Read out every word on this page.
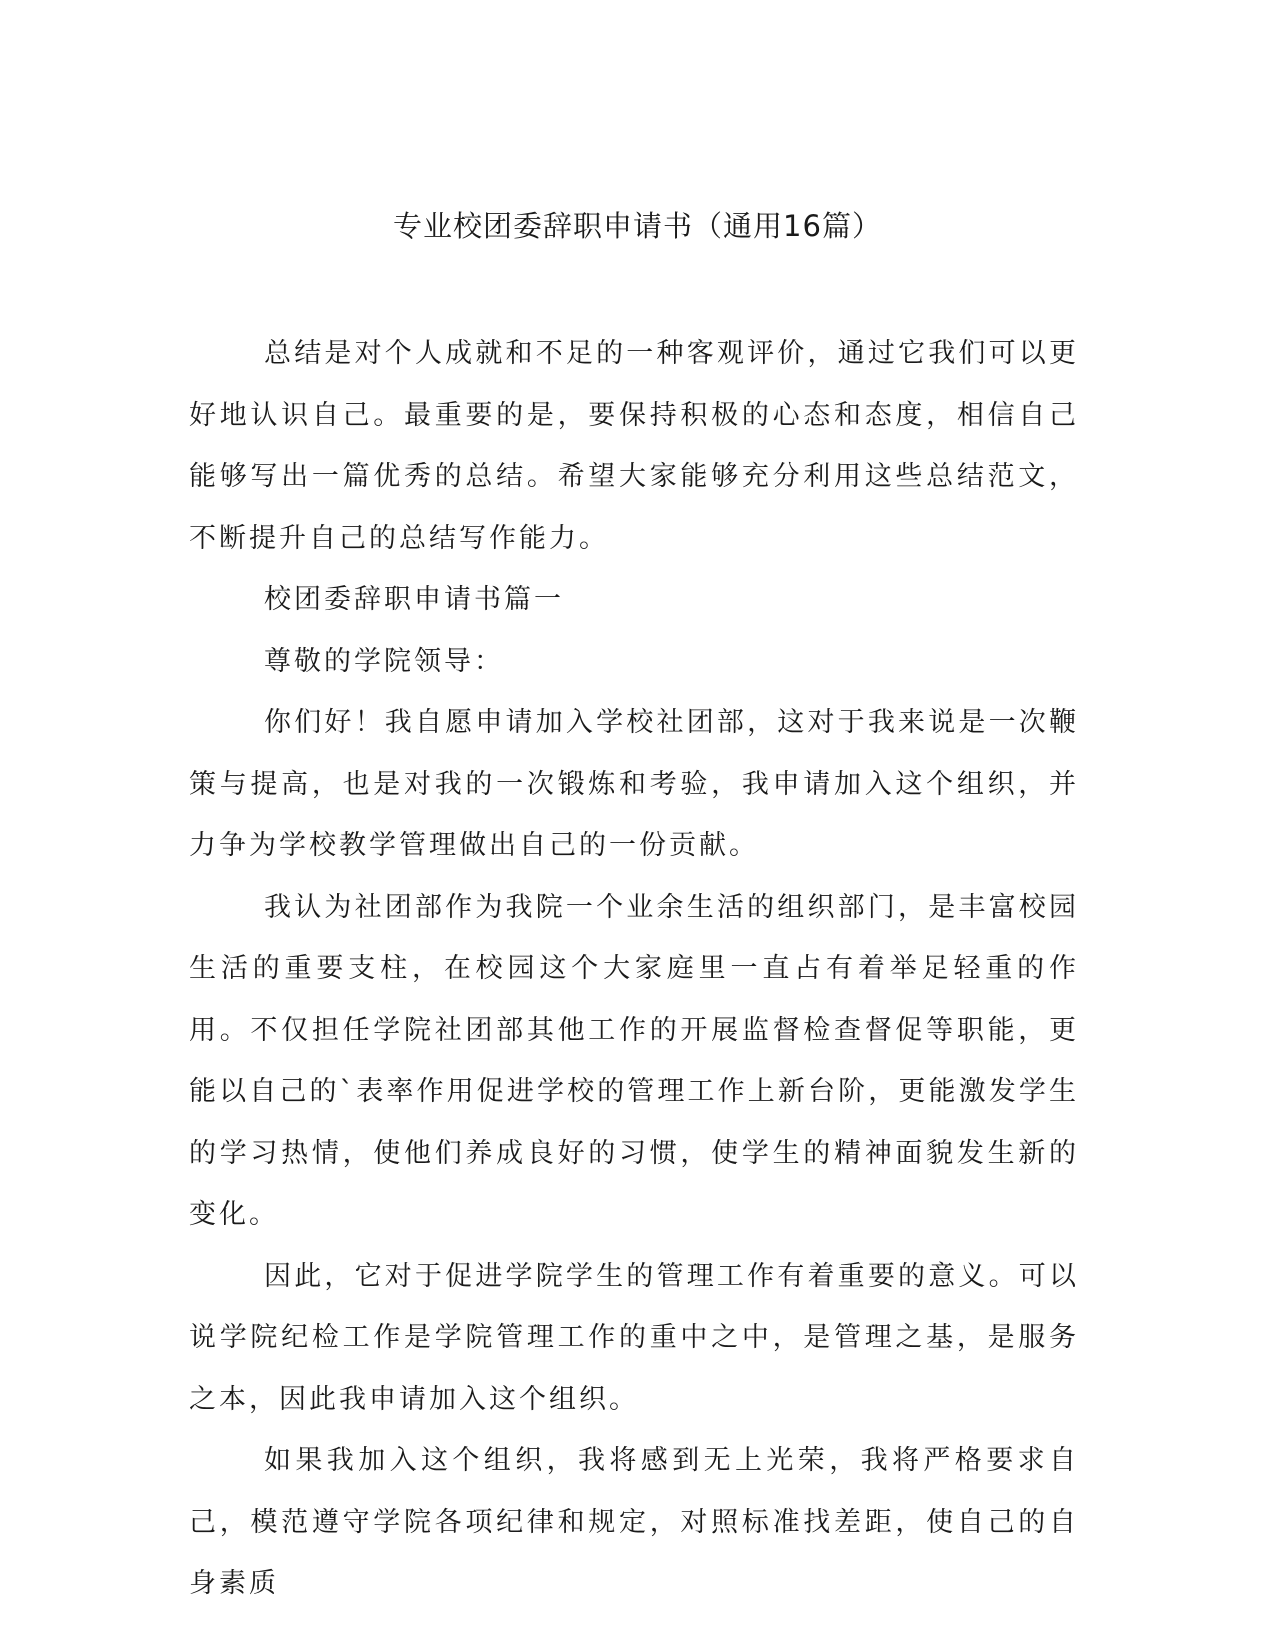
专业校团委辞职申请书（通用16篇）

总结是对个人成就和不足的一种客观评价，通过它我们可以更好地认识自己。最重要的是，要保持积极的心态和态度，相信自己能够写出一篇优秀的总结。希望大家能够充分利用这些总结范文，不断提升自己的总结写作能力。

校团委辞职申请书篇一

尊敬的学院领导：

你们好！我自愿申请加入学校社团部，这对于我来说是一次鞭策与提高，也是对我的一次锻炼和考验，我申请加入这个组织，并力争为学校教学管理做出自己的一份贡献。

我认为社团部作为我院一个业余生活的组织部门，是丰富校园生活的重要支柱，在校园这个大家庭里一直占有着举足轻重的作用。不仅担任学院社团部其他工作的开展监督检查督促等职能，更能以自己的`表率作用促进学校的管理工作上新台阶，更能激发学生的学习热情，使他们养成良好的习惯，使学生的精神面貌发生新的变化。

因此，它对于促进学院学生的管理工作有着重要的意义。可以说学院纪检工作是学院管理工作的重中之中，是管理之基，是服务之本，因此我申请加入这个组织。

如果我加入这个组织，我将感到无上光荣，我将严格要求自己，模范遵守学院各项纪律和规定，对照标准找差距，使自己的自身素质
